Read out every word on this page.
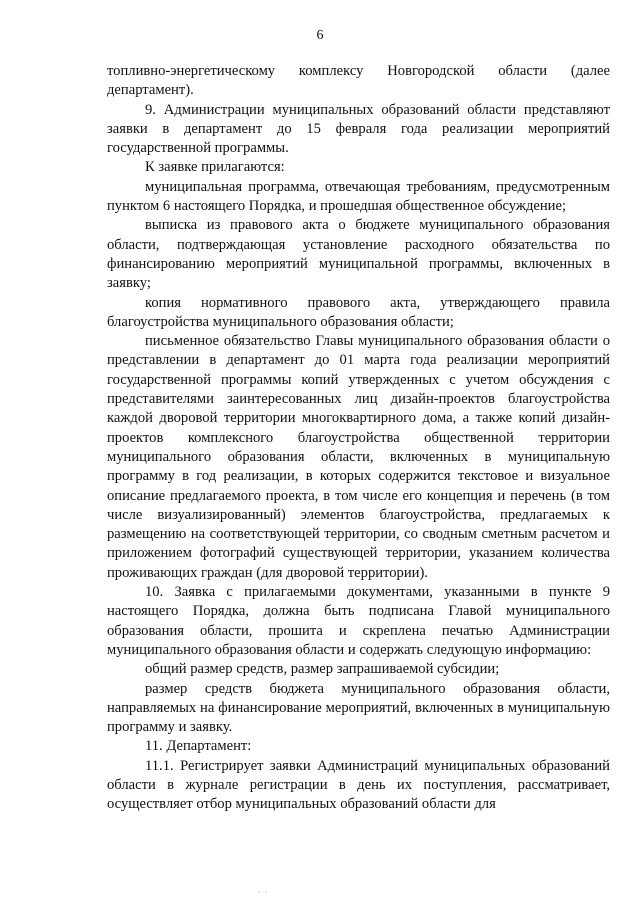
6

топливно-энергетическому комплексу Новгородской области (далее департамент).

9. Администрации муниципальных образований области представляют заявки в департамент до 15 февраля года реализации мероприятий государственной программы.

К заявке прилагаются:

муниципальная программа, отвечающая требованиям, предусмотренным пунктом 6 настоящего Порядка, и прошедшая общественное обсуждение;

выписка из правового акта о бюджете муниципального образования области, подтверждающая установление расходного обязательства по финансированию мероприятий муниципальной программы, включенных в заявку;

копия нормативного правового акта, утверждающего правила благоустройства муниципального образования области;

письменное обязательство Главы муниципального образования области о представлении в департамент до 01 марта года реализации мероприятий государственной программы копий утвержденных с учетом обсуждения с представителями заинтересованных лиц дизайн-проектов благоустройства каждой дворовой территории многоквартирного дома, а также копий дизайн-проектов комплексного благоустройства общественной территории муниципального образования области, включенных в муниципальную программу в год реализации, в которых содержится текстовое и визуальное описание предлагаемого проекта, в том числе его концепция и перечень (в том числе визуализированный) элементов благоустройства, предлагаемых к размещению на соответствующей территории, со сводным сметным расчетом и приложением фотографий существующей территории, указанием количества проживающих граждан (для дворовой территории).

10. Заявка с прилагаемыми документами, указанными в пункте 9 настоящего Порядка, должна быть подписана Главой муниципального образования области, прошита и скреплена печатью Администрации муниципального образования области и содержать следующую информацию:

общий размер средств, размер запрашиваемой субсидии;

размер средств бюджета муниципального образования области, направляемых на финансирование мероприятий, включенных в муниципальную программу и заявку.

11. Департамент:

11.1. Регистрирует заявки Администраций муниципальных образований области в журнале регистрации в день их поступления, рассматривает, осуществляет отбор муниципальных образований области для

· ·
